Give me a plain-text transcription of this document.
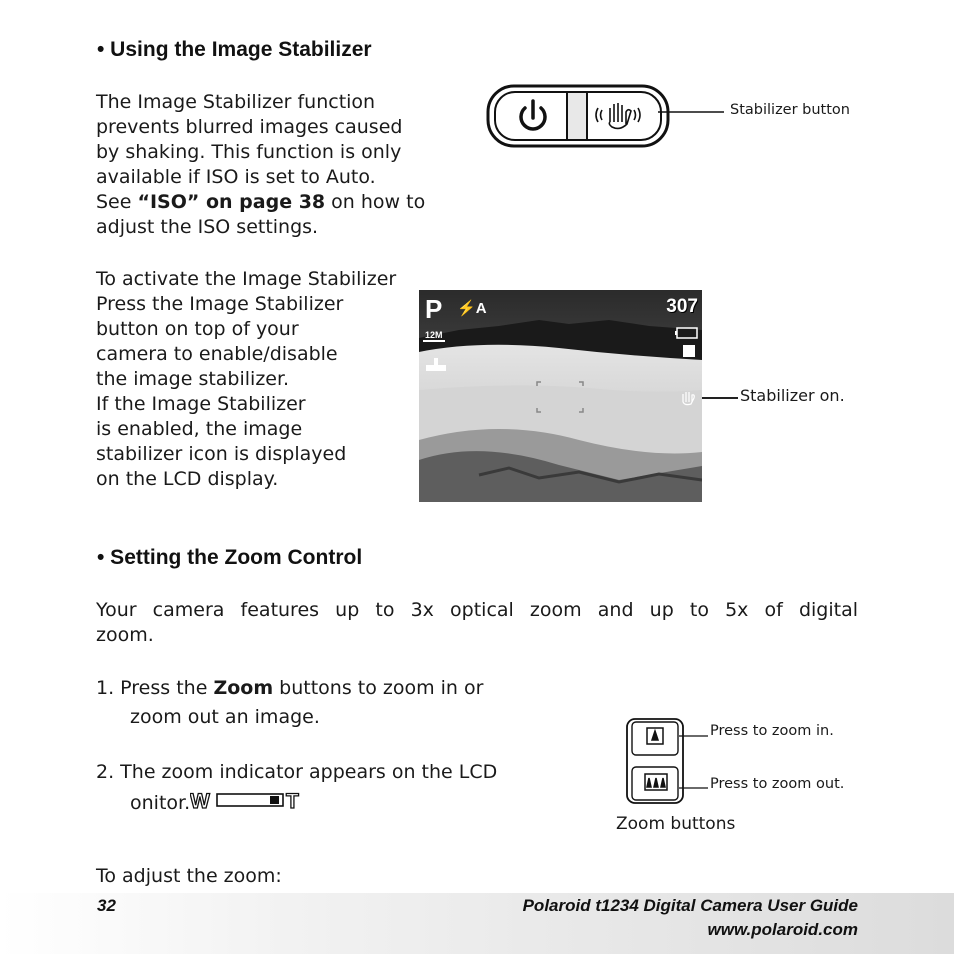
• Using the Image Stabilizer
The Image Stabilizer function
prevents blurred images caused
by shaking. This function is only
available if ISO is set to Auto.
See “ISO” on page 38 on how to
adjust the ISO settings.
Stabilizer button
To activate the Image Stabilizer
Press the Image Stabilizer
button on top of your
camera to enable/disable
the image stabilizer.
If the Image Stabilizer
is enabled, the image
stabilizer icon is displayed
on the LCD display.
P ⚡A	307
12M
Stabilizer on.
• Setting the Zoom Control
Your camera features up to 3x optical zoom and up to 5x of digital
zoom.
1. Press the Zoom buttons to zoom in or
zoom out an image.
2. The zoom indicator appears on the LCD
onitor. W	T
Press to zoom in.
Press to zoom out.
Zoom buttons
To adjust the zoom:
32	Polaroid t1234 Digital Camera User Guide
www.polaroid.com
